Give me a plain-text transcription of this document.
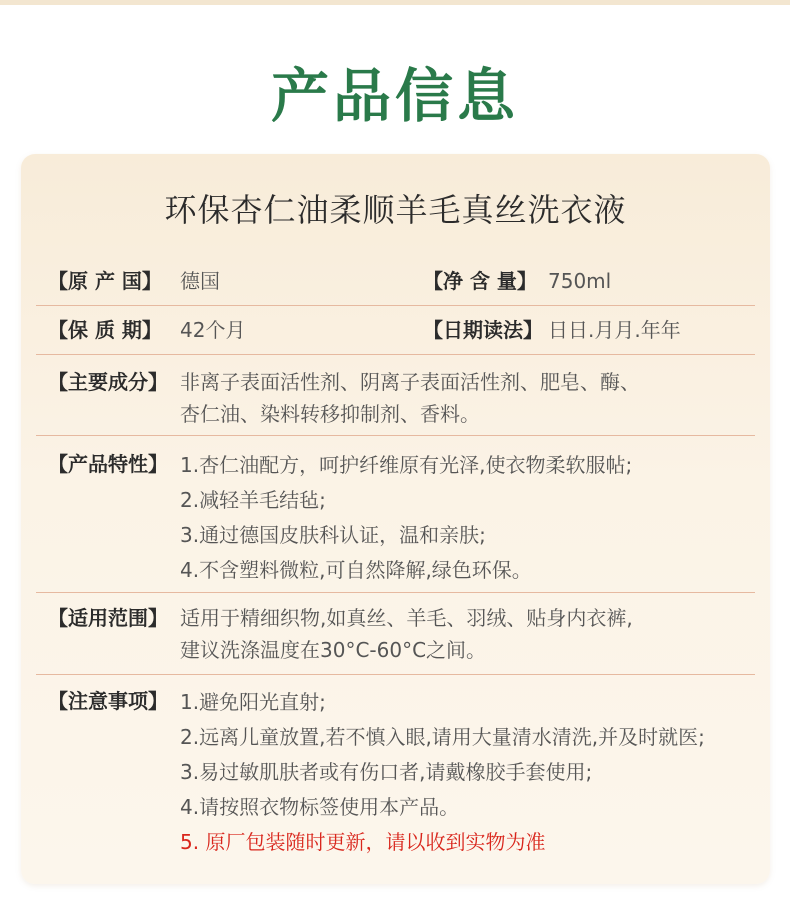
产品信息
环保杏仁油柔顺羊毛真丝洗衣液
【原 产 国】 德国	【净 含 量】 750ml
【保 质 期】 42个月	【日期读法】 日日.月月.年年
【主要成分】 非离子表面活性剂、阴离子表面活性剂、肥皂、酶、
杏仁油、染料转移抑制剂、香料。
【产品特性】 1.杏仁油配方，呵护纤维原有光泽,使衣物柔软服帖;
2.减轻羊毛结毡;
3.通过德国皮肤科认证，温和亲肤;
4.不含塑料微粒,可自然降解,绿色环保。
【适用范围】 适用于精细织物,如真丝、羊毛、羽绒、贴身内衣裤,
建议洗涤温度在30°C-60°C之间。
【注意事项】 1.避免阳光直射;
2.远离儿童放置,若不慎入眼,请用大量清水清洗,并及时就医;
3.易过敏肌肤者或有伤口者,请戴橡胶手套使用;
4.请按照衣物标签使用本产品。
5. 原厂包装随时更新，请以收到实物为准
